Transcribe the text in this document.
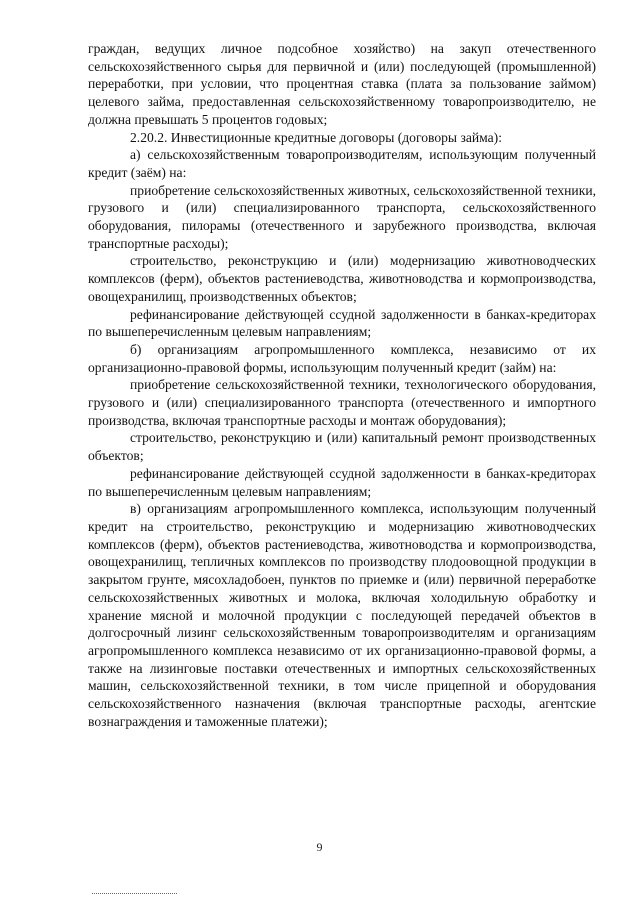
граждан, ведущих личное подсобное хозяйство) на закуп отечественного сельскохозяйственного сырья для первичной и (или) последующей (промышленной) переработки, при условии, что процентная ставка (плата за пользование займом) целевого займа, предоставленная сельскохозяйственному товаропроизводителю, не должна превышать 5 процентов годовых;

2.20.2. Инвестиционные кредитные договоры (договоры займа):

а) сельскохозяйственным товаропроизводителям, использующим полученный кредит (заём) на:

приобретение сельскохозяйственных животных, сельскохозяйственной техники, грузового и (или) специализированного транспорта, сельскохозяйственного оборудования, пилорамы (отечественного и зарубежного производства, включая транспортные расходы);

строительство, реконструкцию и (или) модернизацию животноводческих комплексов (ферм), объектов растениеводства, животноводства и кормопроизводства, овощехранилищ, производственных объектов;

рефинансирование действующей ссудной задолженности в банках-кредиторах по вышеперечисленным целевым направлениям;

б) организациям агропромышленного комплекса, независимо от их организационно-правовой формы, использующим полученный кредит (займ) на:

приобретение сельскохозяйственной техники, технологического оборудования, грузового и (или) специализированного транспорта (отечественного и импортного производства, включая транспортные расходы и монтаж оборудования);

строительство, реконструкцию и (или) капитальный ремонт производственных объектов;

рефинансирование действующей ссудной задолженности в банках-кредиторах по вышеперечисленным целевым направлениям;

в) организациям агропромышленного комплекса, использующим полученный кредит на строительство, реконструкцию и модернизацию животноводческих комплексов (ферм), объектов растениеводства, животноводства и кормопроизводства, овощехранилищ, тепличных комплексов по производству плодоовощной продукции в закрытом грунте, мясохладобоен, пунктов по приемке и (или) первичной переработке сельскохозяйственных животных и молока, включая холодильную обработку и хранение мясной и молочной продукции с последующей передачей объектов в долгосрочный лизинг сельскохозяйственным товаропроизводителям и организациям агропромышленного комплекса независимо от их организационно-правовой формы, а также на лизинговые поставки отечественных и импортных сельскохозяйственных машин, сельскохозяйственной техники, в том числе прицепной и оборудования сельскохозяйственного назначения (включая транспортные расходы, агентские вознаграждения и таможенные платежи);

9
